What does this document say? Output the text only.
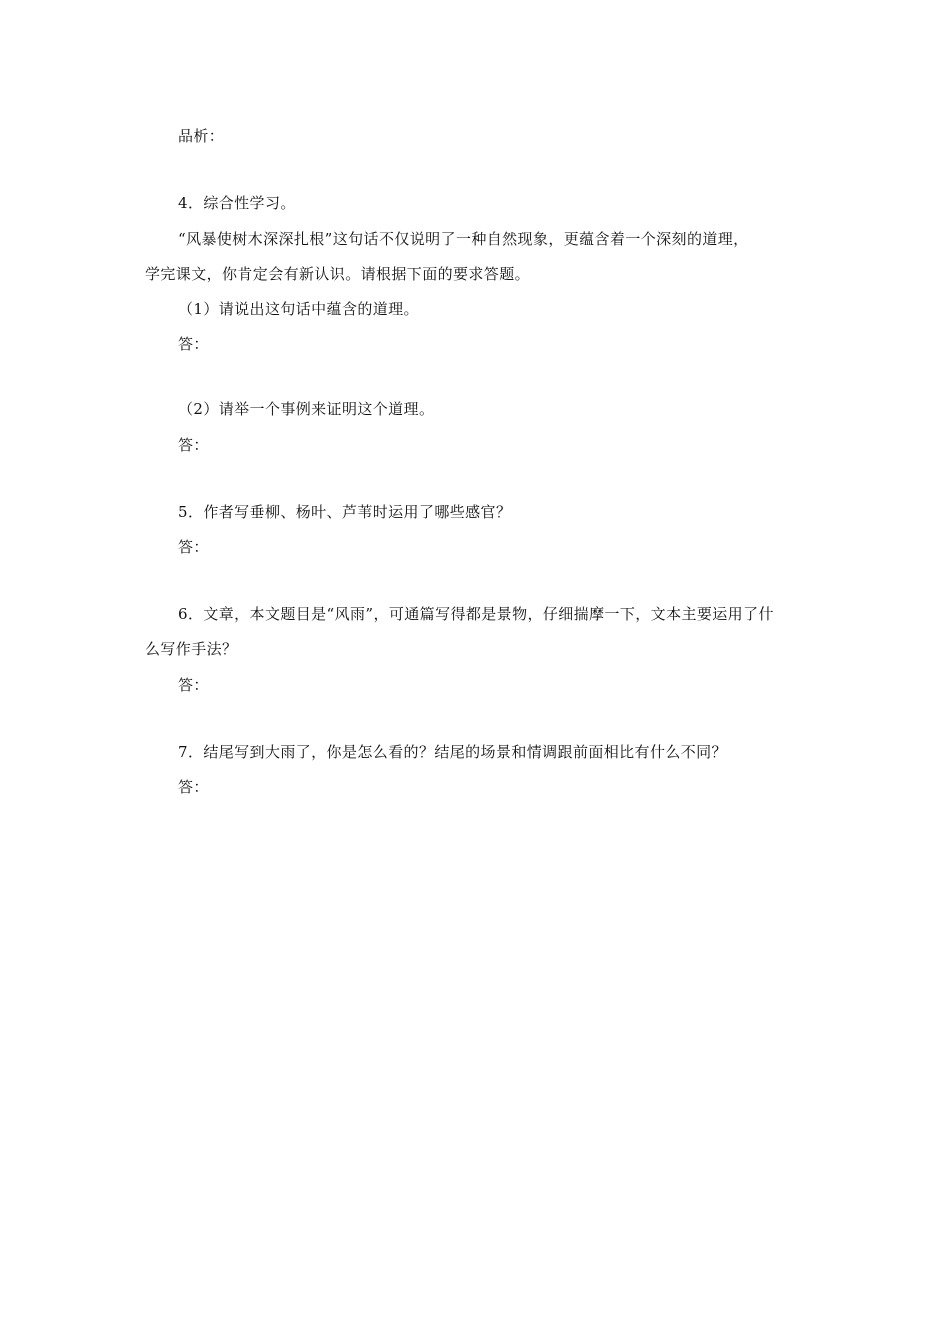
品析：
4．综合性学习。
“风暴使树木深深扎根”这句话不仅说明了一种自然现象，更蕴含着一个深刻的道理，
学完课文，你肯定会有新认识。请根据下面的要求答题。
（1）请说出这句话中蕴含的道理。
答：
（2）请举一个事例来证明这个道理。
答：
5．作者写垂柳、杨叶、芦苇时运用了哪些感官？
答：
6．文章，本文题目是“风雨”，可通篇写得都是景物，仔细揣摩一下，文本主要运用了什
么写作手法？
答：
7．结尾写到大雨了，你是怎么看的？结尾的场景和情调跟前面相比有什么不同？
答：
